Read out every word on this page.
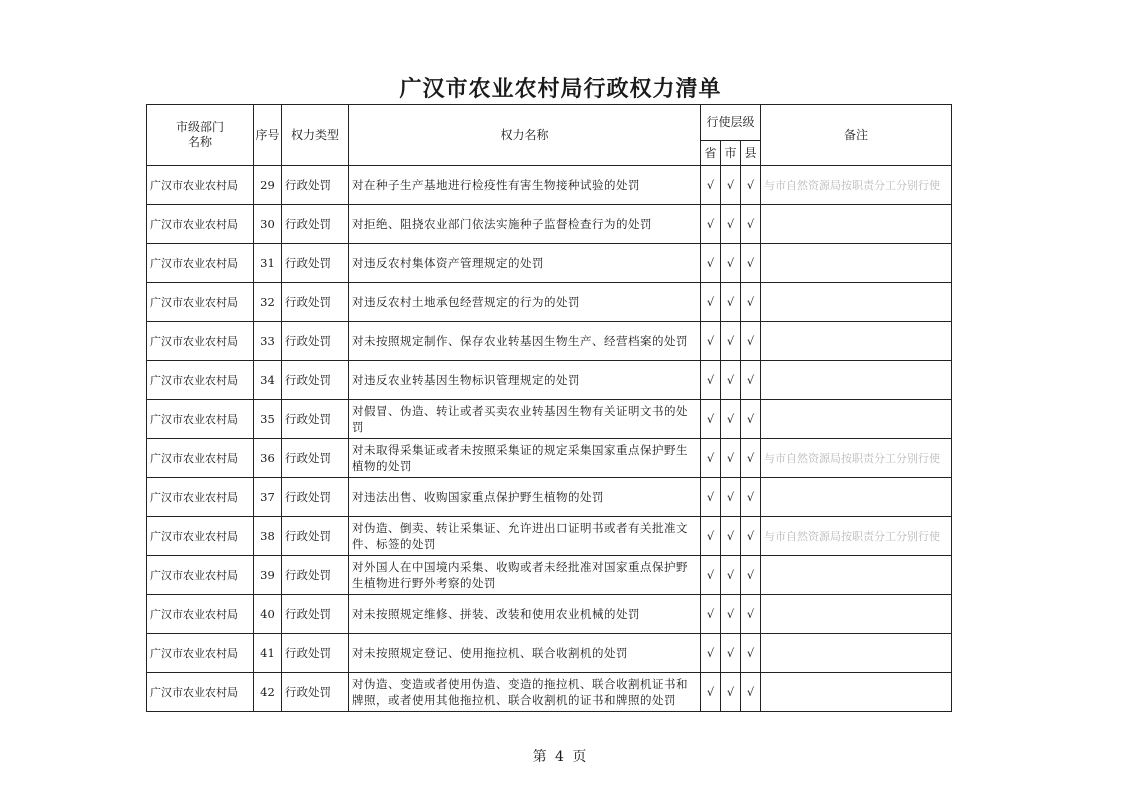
广汉市农业农村局行政权力清单
市级部门名称	序号	权力类型	权力名称	行使层级			备注
				省	市	县	
广汉市农业农村局	29	行政处罚	对在种子生产基地进行检疫性有害生物接种试验的处罚	√	√	√	与市自然资源局按职责分工分别行使
广汉市农业农村局	30	行政处罚	对拒绝、阻挠农业部门依法实施种子监督检查行为的处罚	√	√	√	
广汉市农业农村局	31	行政处罚	对违反农村集体资产管理规定的处罚	√	√	√	
广汉市农业农村局	32	行政处罚	对违反农村土地承包经营规定的行为的处罚	√	√	√	
广汉市农业农村局	33	行政处罚	对未按照规定制作、保存农业转基因生物生产、经营档案的处罚	√	√	√	
广汉市农业农村局	34	行政处罚	对违反农业转基因生物标识管理规定的处罚	√	√	√	
广汉市农业农村局	35	行政处罚	对假冒、伪造、转让或者买卖农业转基因生物有关证明文书的处罚	√	√	√	
广汉市农业农村局	36	行政处罚	对未取得采集证或者未按照采集证的规定采集国家重点保护野生植物的处罚	√	√	√	与市自然资源局按职责分工分别行使
广汉市农业农村局	37	行政处罚	对违法出售、收购国家重点保护野生植物的处罚	√	√	√	
广汉市农业农村局	38	行政处罚	对伪造、倒卖、转让采集证、允许进出口证明书或者有关批准文件、标签的处罚	√	√	√	与市自然资源局按职责分工分别行使
广汉市农业农村局	39	行政处罚	对外国人在中国境内采集、收购或者未经批准对国家重点保护野生植物进行野外考察的处罚	√	√	√	
广汉市农业农村局	40	行政处罚	对未按照规定维修、拼装、改装和使用农业机械的处罚	√	√	√	
广汉市农业农村局	41	行政处罚	对未按照规定登记、使用拖拉机、联合收割机的处罚	√	√	√	
广汉市农业农村局	42	行政处罚	对伪造、变造或者使用伪造、变造的拖拉机、联合收割机证书和牌照，或者使用其他拖拉机、联合收割机的证书和牌照的处罚	√	√	√	
第 4 页
